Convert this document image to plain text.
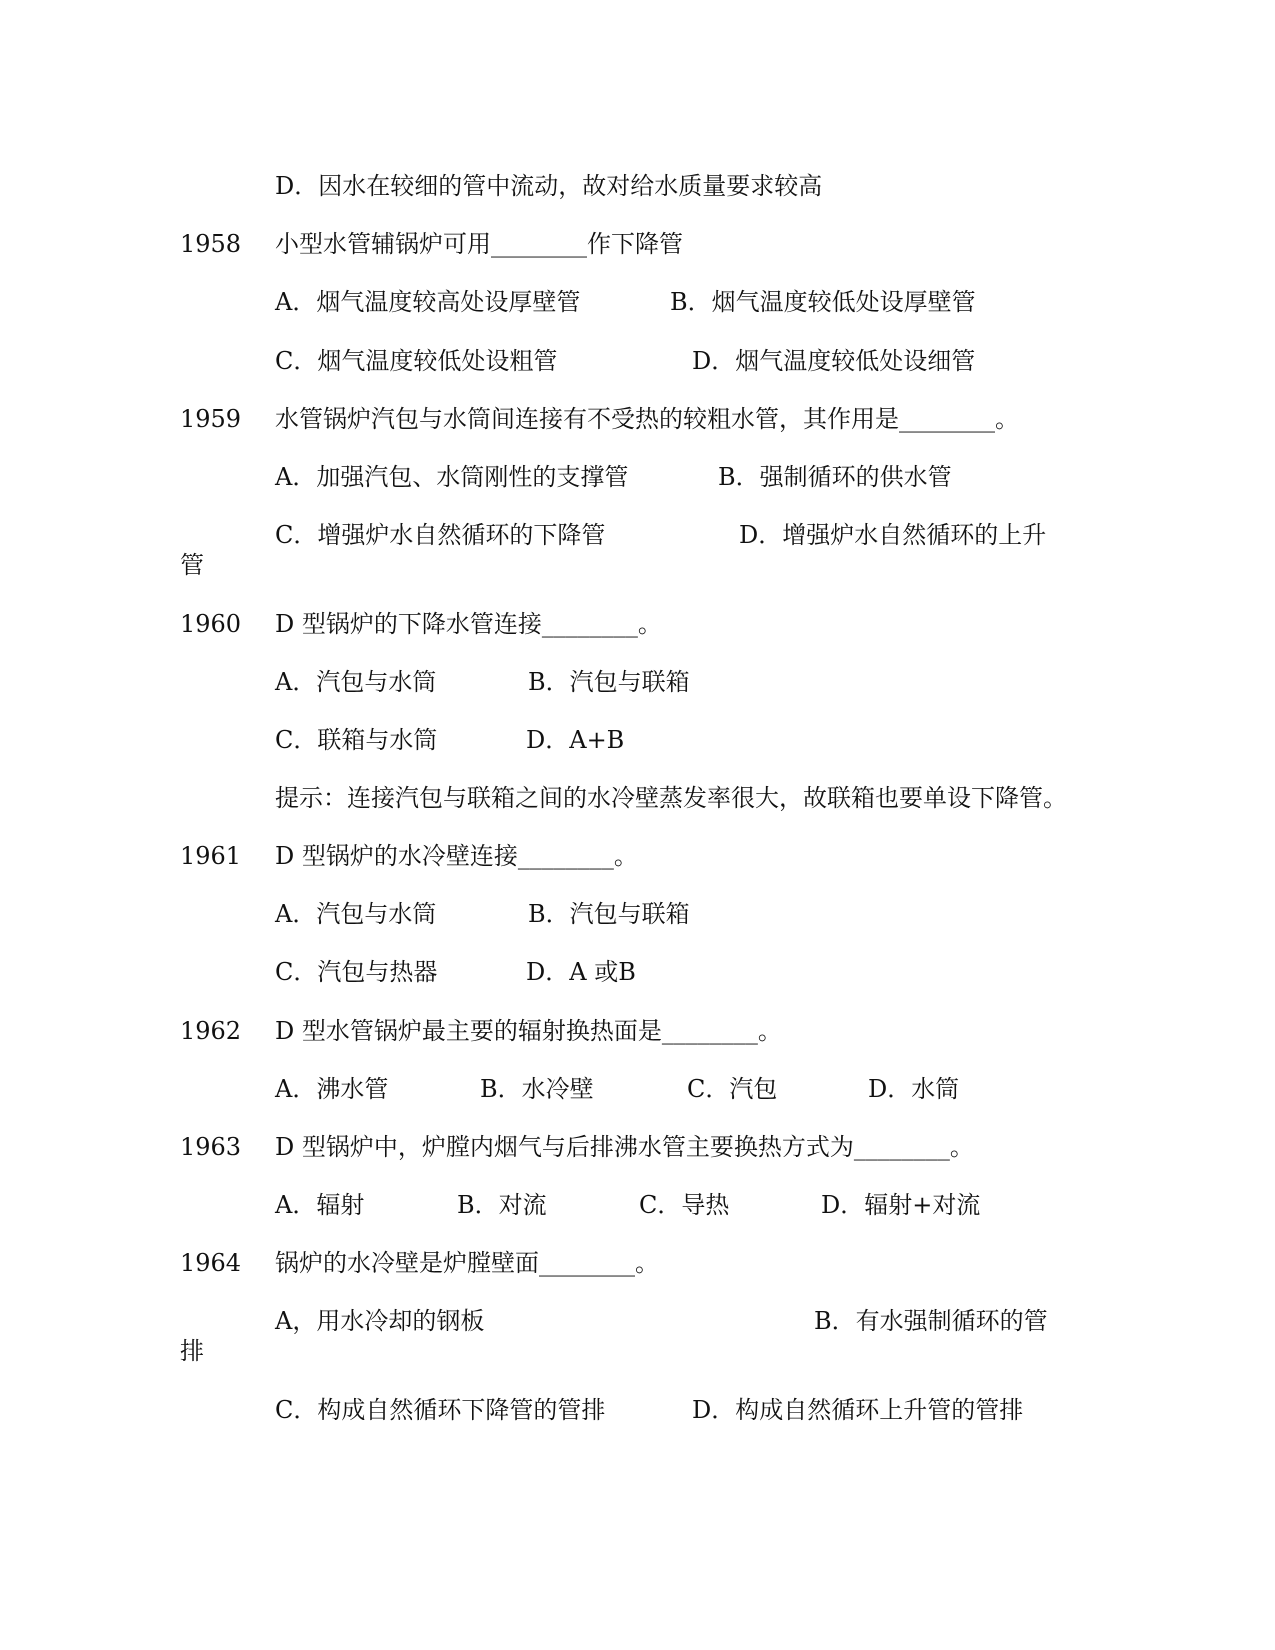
D．因水在较细的管中流动，故对给水质量要求较高
1958 小型水管辅锅炉可用________作下降管
A．烟气温度较高处设厚壁管	B．烟气温度较低处设厚壁管
C．烟气温度较低处设粗管	D．烟气温度较低处设细管
1959 水管锅炉汽包与水筒间连接有不受热的较粗水管，其作用是________。
A．加强汽包、水筒刚性的支撑管	B．强制循环的供水管
C．增强炉水自然循环的下降管	D．增强炉水自然循环的上升
管
1960 D 型锅炉的下降水管连接________。
A．汽包与水筒	B．汽包与联箱
C．联箱与水筒	D．A+B
提示：连接汽包与联箱之间的水冷壁蒸发率很大，故联箱也要单设下降管。
1961 D 型锅炉的水冷壁连接________。
A．汽包与水筒	B．汽包与联箱
C．汽包与热器	D．A 或B
1962 D 型水管锅炉最主要的辐射换热面是________。
A．沸水管	B．水冷壁	C．汽包	D．水筒
1963 D 型锅炉中，炉膛内烟气与后排沸水管主要换热方式为________。
A．辐射	B．对流	C．导热	D．辐射+对流
1964 锅炉的水冷壁是炉膛壁面________。
A，用水冷却的钢板	B．有水强制循环的管
排
C．构成自然循环下降管的管排	D．构成自然循环上升管的管排
